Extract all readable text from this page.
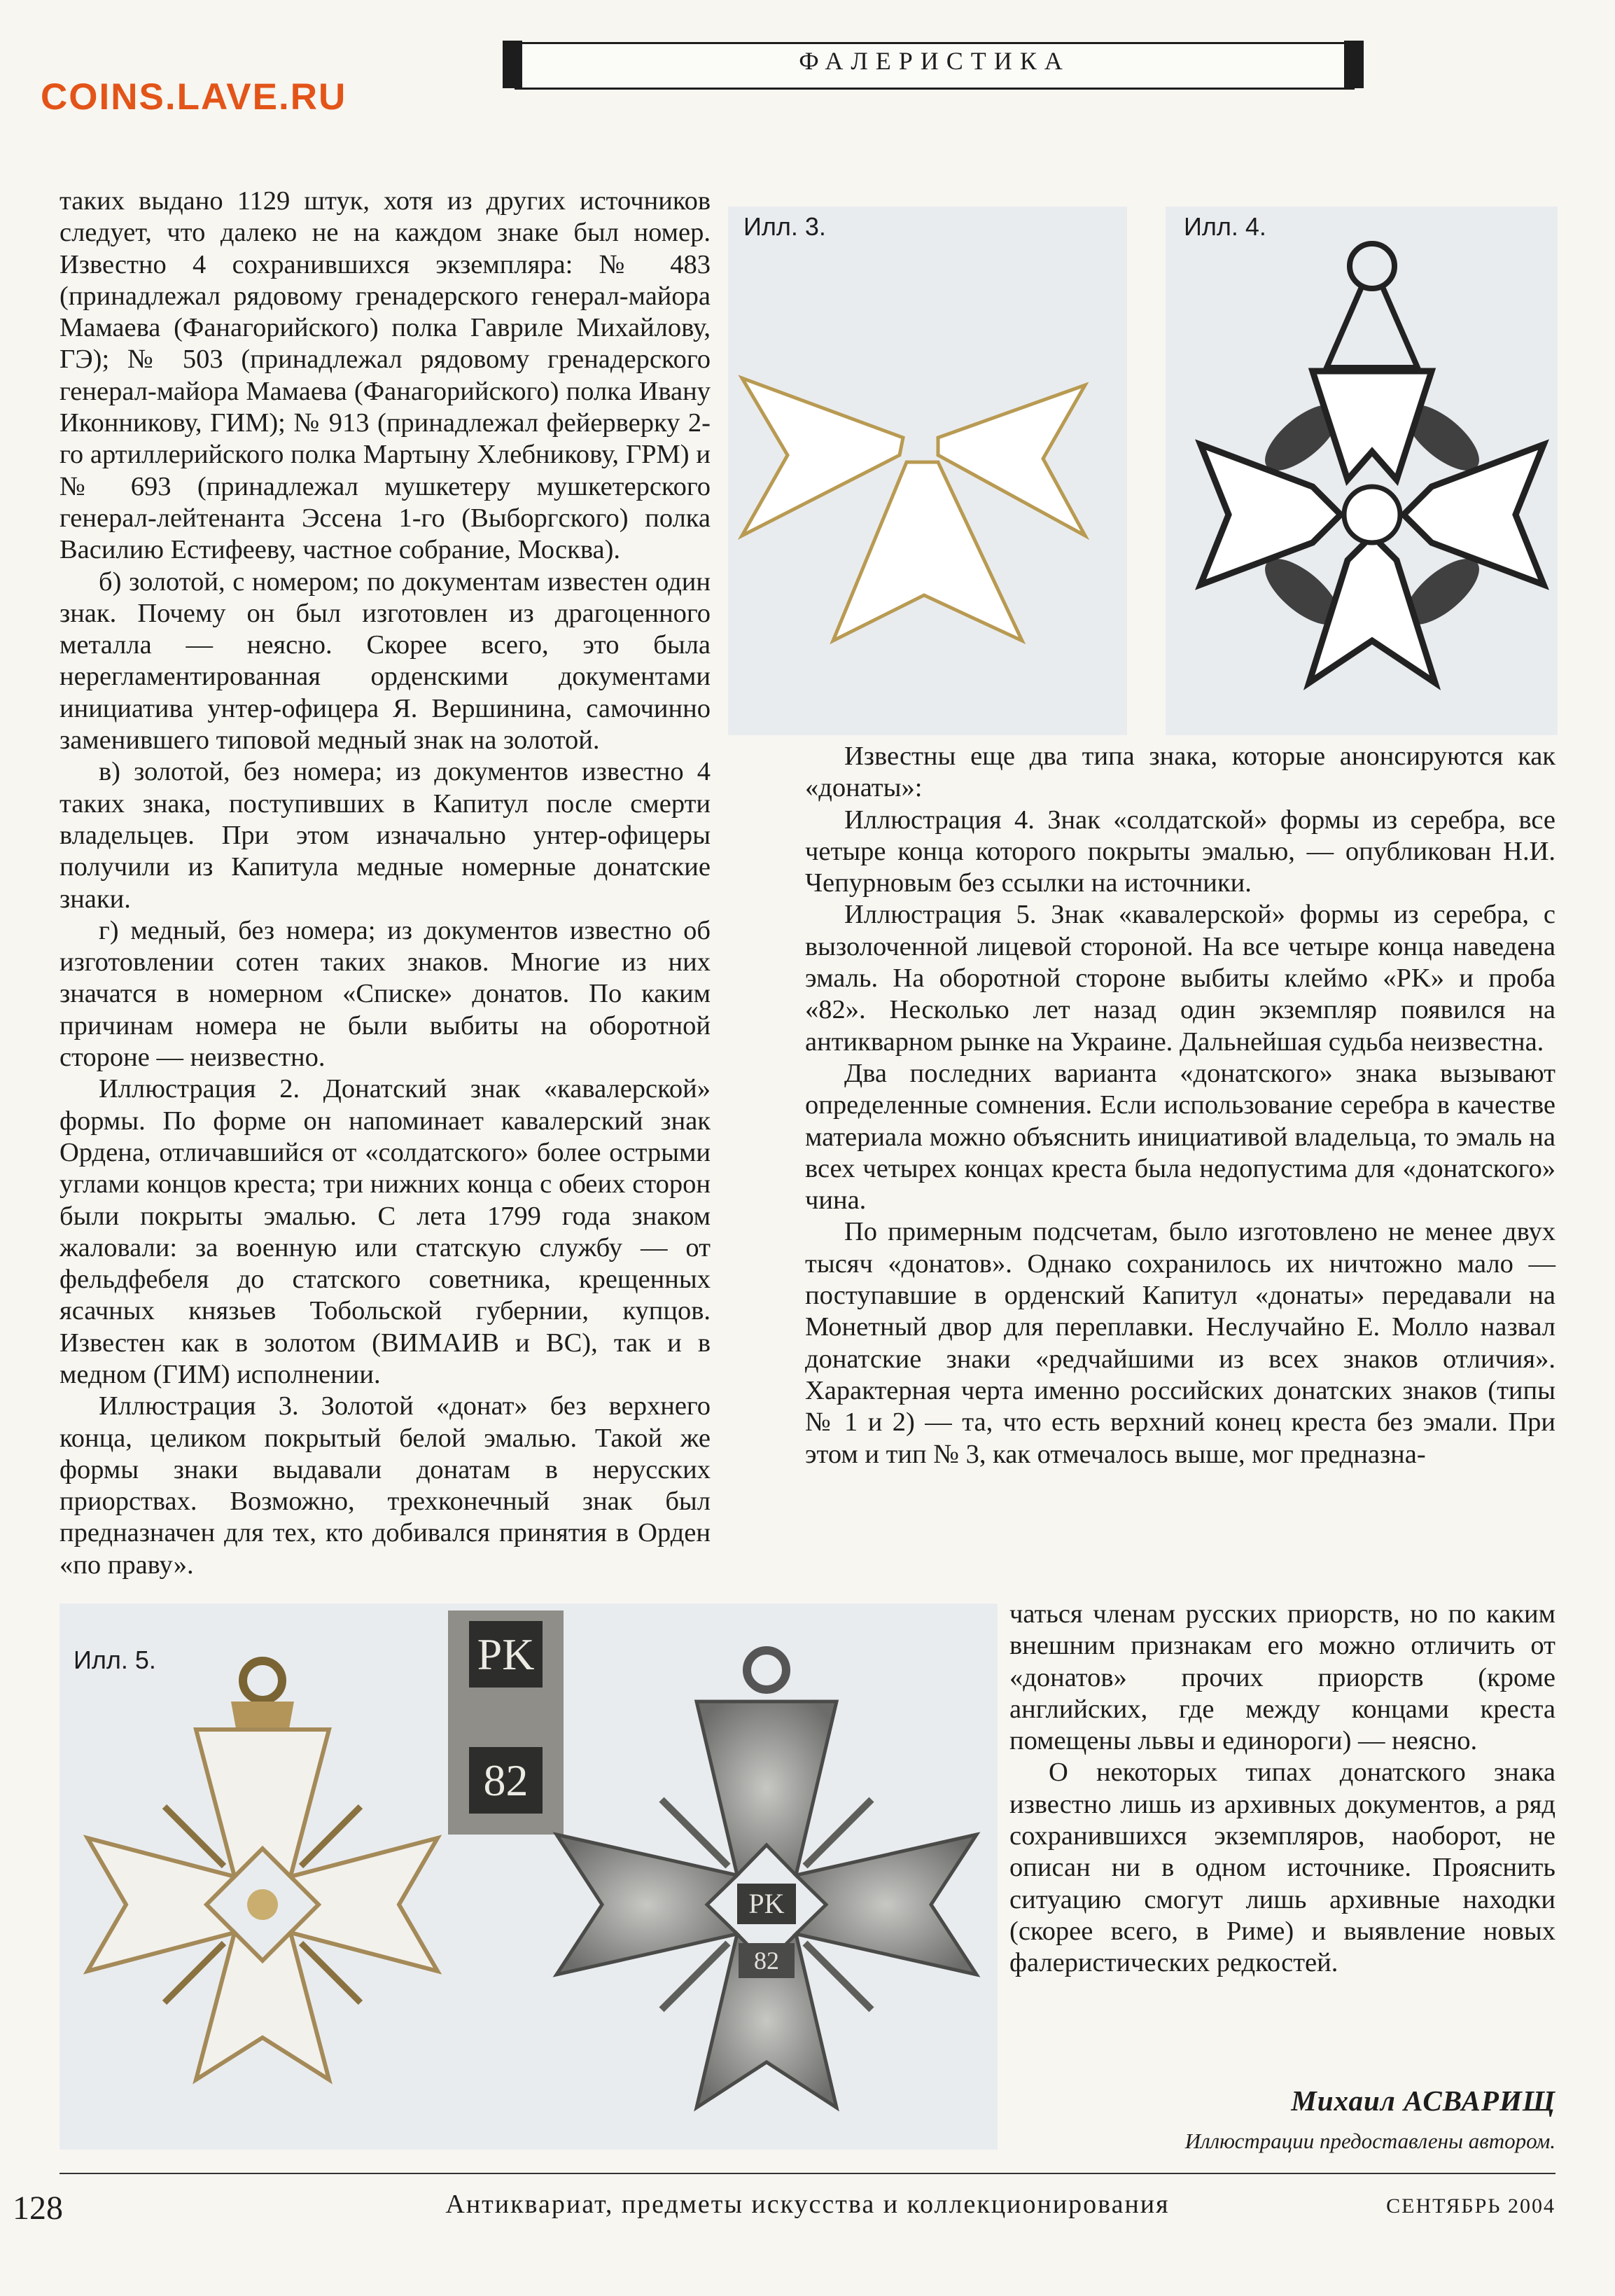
COINS.LAVE.RU
ФАЛЕРИСТИКА

таких выдано 1129 штук, хотя из других источников следует, что далеко не на каждом знаке был номер. Известно 4 сохранившихся экземпляра: № 483 (принадлежал рядовому гренадерского генерал-майора Мамаева (Фанагорийского) полка Гавриле Михайлову, ГЭ); № 503 (принадлежал рядовому гренадерского генерал-майора Мамаева (Фанагорийского) полка Ивану Иконникову, ГИМ); № 913 (принадлежал фейерверку 2-го артиллерийского полка Мартыну Хлебникову, ГРМ) и № 693 (принадлежал мушкетеру мушкетерского генерал-лейтенанта Эссена 1-го (Выборгского) полка Василию Естифееву, частное собрание, Москва).

б) золотой, с номером; по документам известен один знак. Почему он был изготовлен из драгоценного металла — неясно. Скорее всего, это была нерегламентированная орденскими документами инициатива унтер-офицера Я. Вершинина, самочинно заменившего типовой медный знак на золотой.

в) золотой, без номера; из документов известно 4 таких знака, поступивших в Капитул после смерти владельцев. При этом изначально унтер-офицеры получили из Капитула медные номерные донатские знаки.

г) медный, без номера; из документов известно об изготовлении сотен таких знаков. Многие из них значатся в номерном «Списке» донатов. По каким причинам номера не были выбиты на оборотной стороне — неизвестно.

Иллюстрация 2. Донатский знак «кавалерской» формы. По форме он напоминает кавалерский знак Ордена, отличавшийся от «солдатского» более острыми углами концов креста; три нижних конца с обеих сторон были покрыты эмалью. С лета 1799 года знаком жаловали: за военную или статскую службу — от фельдфебеля до статского советника, крещенных ясачных князьев Тобольской губернии, купцов. Известен как в золотом (ВИМАИВ и ВС), так и в медном (ГИМ) исполнении.

Иллюстрация 3. Золотой «донат» без верхнего конца, целиком покрытый белой эмалью. Такой же формы знаки выдавали донатам в нерусских приорствах. Возможно, трехконечный знак был предназначен для тех, кто добивался принятия в Орден «по праву».

Илл. 3.	Илл. 4.

Известны еще два типа знака, которые анонсируются как «донаты»:

Иллюстрация 4. Знак «солдатской» формы из серебра, все четыре конца которого покрыты эмалью, — опубликован Н.И. Чепурновым без ссылки на источники.

Иллюстрация 5. Знак «кавалерской» формы из серебра, с вызолоченной лицевой стороной. На все четыре конца наведена эмаль. На оборотной стороне выбиты клеймо «PK» и проба «82». Несколько лет назад один экземпляр появился на антикварном рынке на Украине. Дальнейшая судьба неизвестна.

Два последних варианта «донатского» знака вызывают определенные сомнения. Если использование серебра в качестве материала можно объяснить инициативой владельца, то эмаль на всех четырех концах креста была недопустима для «донатского» чина.

По примерным подсчетам, было изготовлено не менее двух тысяч «донатов». Однако сохранилось их ничтожно мало — поступавшие в орденский Капитул «донаты» передавали на Монетный двор для переплавки. Неслучайно Е. Молло назвал донатские знаки «редчайшими из всех знаков отличия». Характерная черта именно российских донатских знаков (типы № 1 и 2) — та, что есть верхний конец креста без эмали. При этом и тип № 3, как отмечалось выше, мог предназна-

Илл. 5.	PK
82
PK
82

чаться членам русских приорств, но по каким внешним признакам его можно отличить от «донатов» прочих приорств (кроме английских, где между концами креста помещены львы и единороги) — неясно.

О некоторых типах донатского знака известно лишь из архивных документов, а ряд сохранившихся экземпляров, наоборот, не описан ни в одном источнике. Прояснить ситуацию смогут лишь архивные находки (скорее всего, в Риме) и выявление новых фалеристических редкостей.

Михаил АСВАРИЩ
Иллюстрации предоставлены автором.
128	Антиквариат, предметы искусства и коллекционирования	СЕНТЯБРЬ 2004
